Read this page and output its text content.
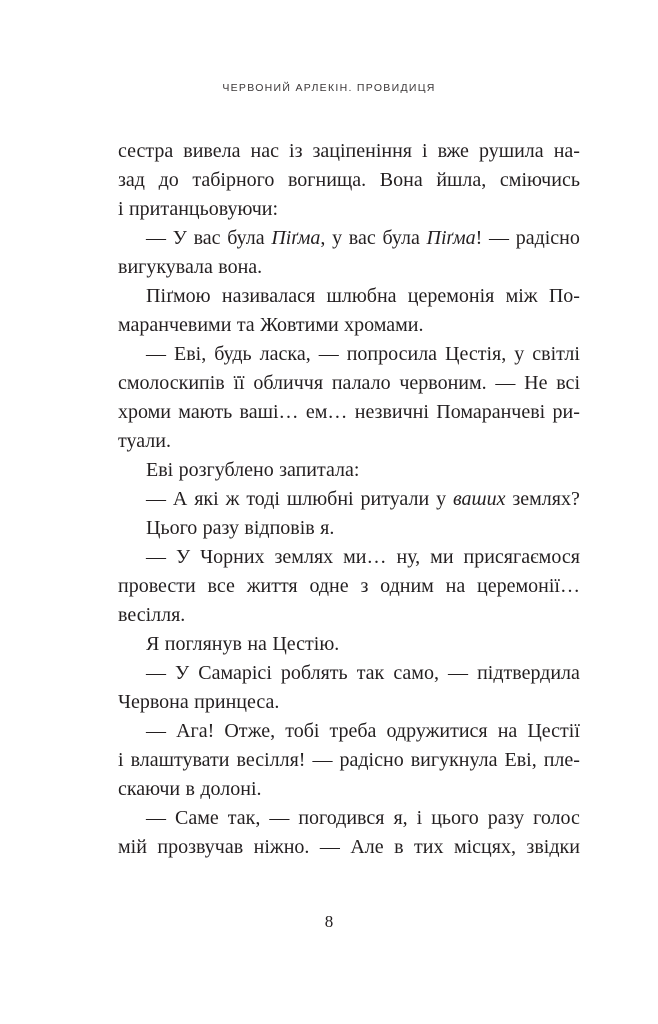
ЧЕРВОНИЙ АРЛЕКІН. ПРОВИДИЦЯ
сестра вивела нас із заціпеніння і вже рушила на-
зад до табірного вогнища. Вона йшла, сміючись
і пританцьовуючи:
— У вас була Піґма, у вас була Піґма! — радісно
вигукувала вона.
Піґмою називалася шлюбна церемонія між По-
маранчевими та Жовтими хромами.
— Еві, будь ласка, — попросила Цестія, у світлі
смолоскипів її обличчя палало червоним. — Не всі
хроми мають ваші… ем… незвичні Помаранчеві ри-
туали.
Еві розгублено запитала:
— А які ж тоді шлюбні ритуали у ваших землях?
Цього разу відповів я.
— У Чорних землях ми… ну, ми присягаємося
провести все життя одне з одним на церемонії…
весілля.
Я поглянув на Цестію.
— У Самарісі роблять так само, — підтвердила
Червона принцеса.
— Ага! Отже, тобі треба одружитися на Цестії
і влаштувати весілля! — радісно вигукнула Еві, пле-
скаючи в долоні.
— Саме так, — погодився я, і цього разу голос
мій прозвучав ніжно. — Але в тих місцях, звідки
8
